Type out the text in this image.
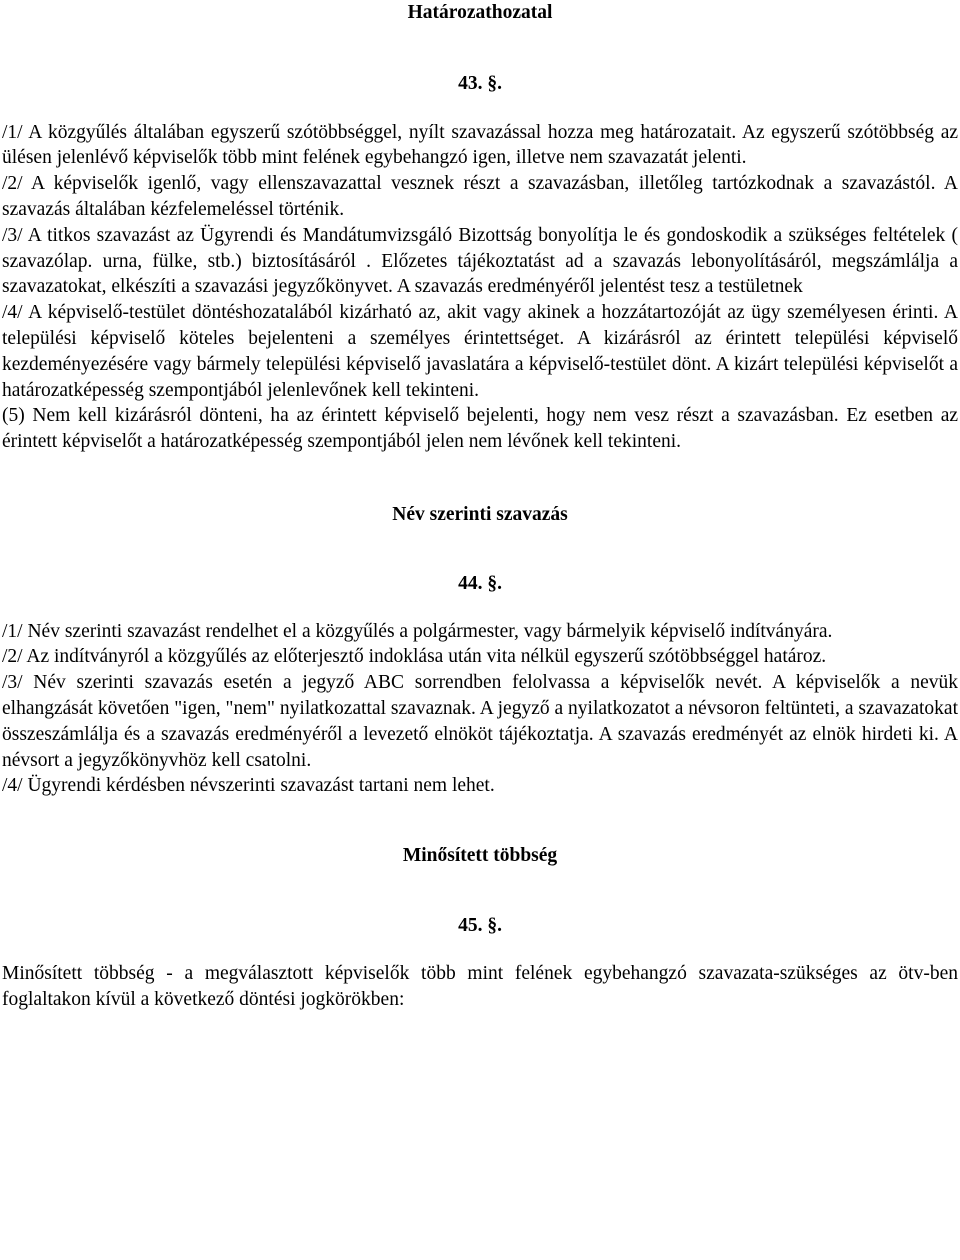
Határozathozatal
43. §.

/1/ A közgyűlés általában egyszerű szótöbbséggel, nyílt szavazással hozza meg határozatait. Az egyszerű szótöbbség az ülésen jelenlévő képviselők több mint felének egybehangzó igen, illetve nem szavazatát jelenti.

/2/ A képviselők igenlő, vagy ellenszavazattal vesznek részt a szavazásban, illetőleg tartózkodnak a szavazástól. A szavazás általában kézfelemeléssel történik.

/3/ A titkos szavazást az Ügyrendi és Mandátumvizsgáló Bizottság bonyolítja le és gondoskodik a szükséges feltételek ( szavazólap. urna, fülke, stb.) biztosításáról . Előzetes tájékoztatást ad a szavazás lebonyolításáról, megszámlálja a szavazatokat, elkészíti a szavazási jegyzőkönyvet. A szavazás eredményéről jelentést tesz a testületnek

/4/ A képviselő-testület döntéshozatalából kizárható az, akit vagy akinek a hozzátartozóját az ügy személyesen érinti. A települési képviselő köteles bejelenteni a személyes érintettséget. A kizárásról az érintett települési képviselő kezdeményezésére vagy bármely települési képviselő javaslatára a képviselő-testület dönt. A kizárt települési képviselőt a határozatképesség szempontjából jelenlevőnek kell tekinteni.

(5) Nem kell kizárásról dönteni, ha az érintett képviselő bejelenti, hogy nem vesz részt a szavazásban. Ez esetben az érintett képviselőt a határozatképesség szempontjából jelen nem lévőnek kell tekinteni.

Név szerinti szavazás
44. §.

/1/ Név szerinti szavazást rendelhet el a közgyűlés a polgármester, vagy bármelyik képviselő indítványára.

/2/ Az indítványról a közgyűlés az előterjesztő indoklása után vita nélkül egyszerű szótöbbséggel határoz.

/3/ Név szerinti szavazás esetén a jegyző ABC sorrendben felolvassa a képviselők nevét. A képviselők a nevük elhangzását követően "igen, "nem" nyilatkozattal szavaznak. A jegyző a nyilatkozatot a névsoron feltünteti, a szavazatokat összeszámlálja és a szavazás eredményéről a levezető elnököt tájékoztatja. A szavazás eredményét az elnök hirdeti ki. A névsort a jegyzőkönyvhöz kell csatolni.

/4/ Ügyrendi kérdésben névszerinti szavazást tartani nem lehet.

Minősített többség
45. §.

Minősített többség - a megválasztott képviselők több mint felének egybehangzó szavazata-szükséges az ötv-ben foglaltakon kívül a következő döntési jogkörökben:
